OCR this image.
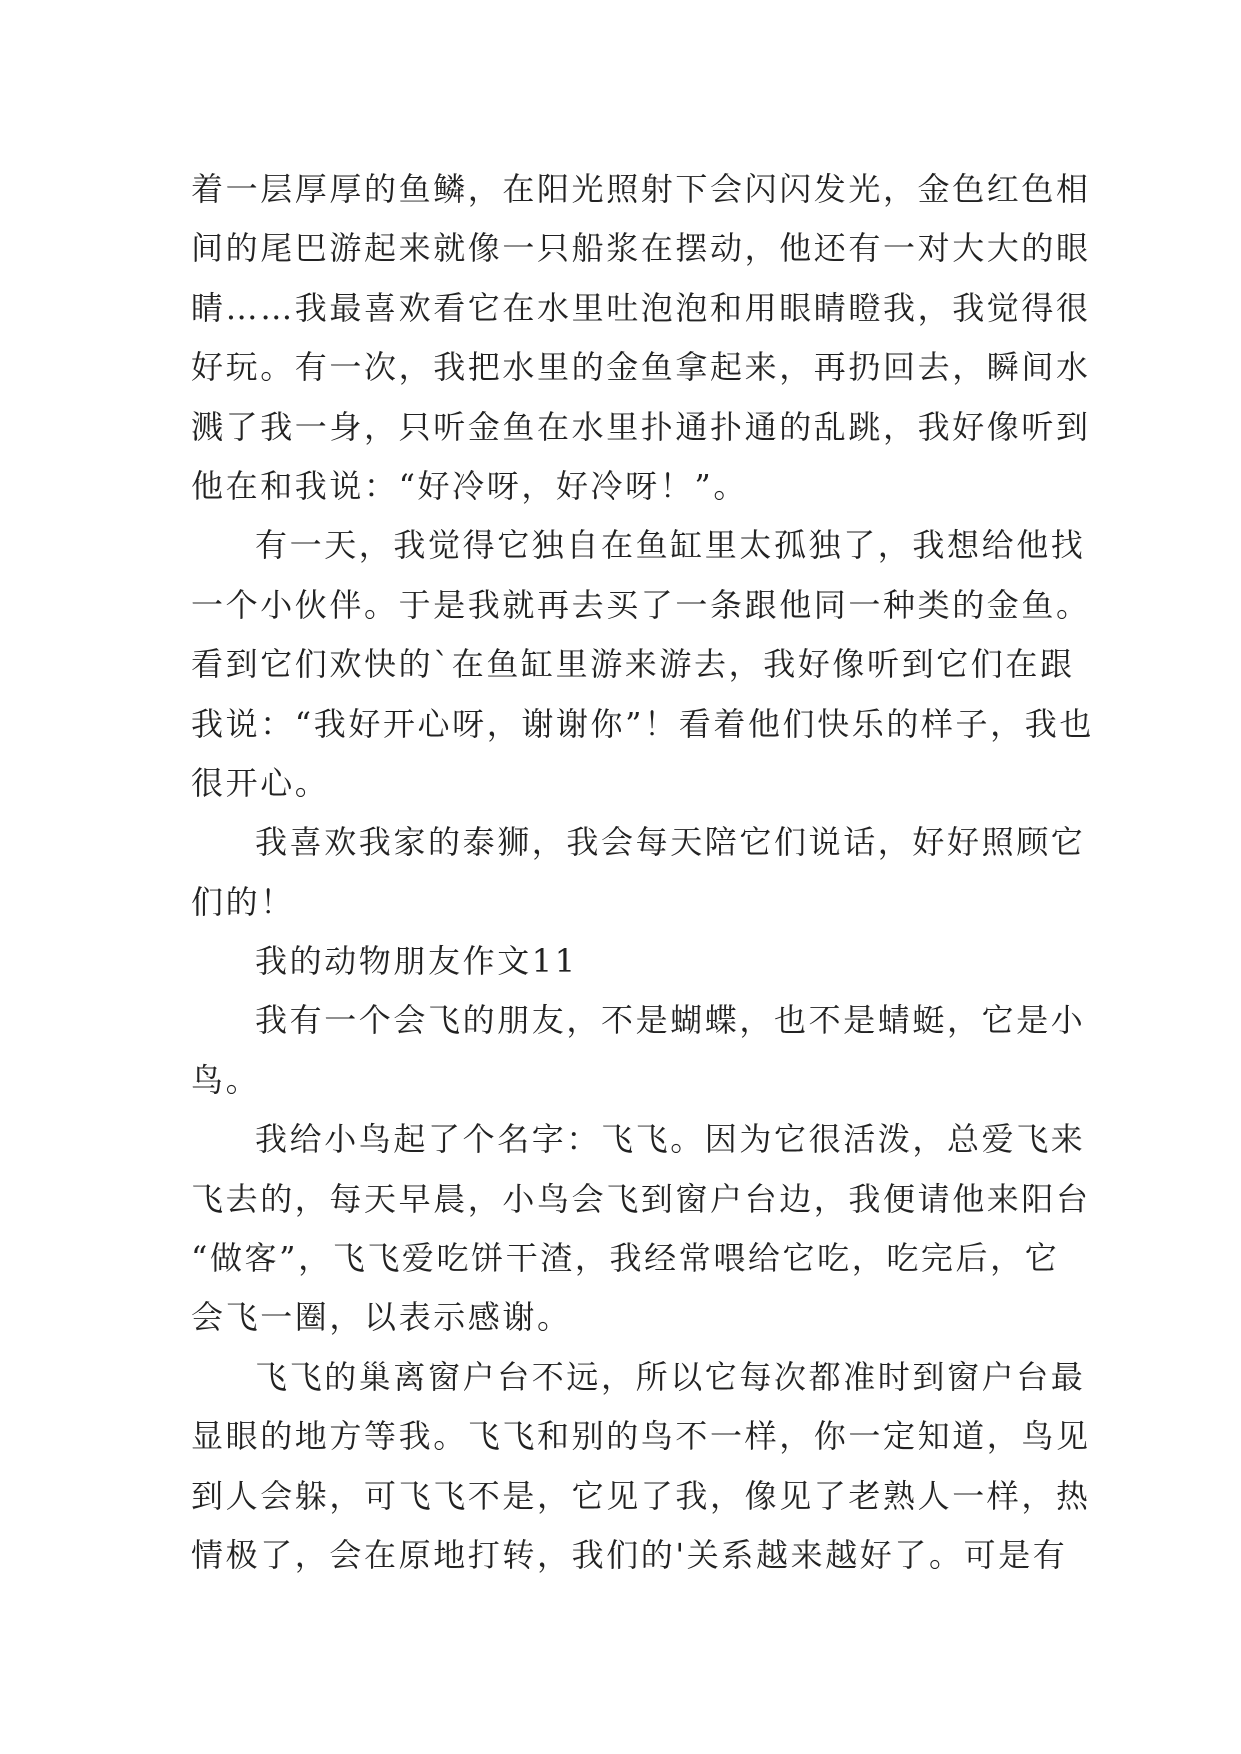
着一层厚厚的鱼鳞，在阳光照射下会闪闪发光，金色红色相
间的尾巴游起来就像一只船浆在摆动，他还有一对大大的眼
睛……我最喜欢看它在水里吐泡泡和用眼睛瞪我，我觉得很
好玩。有一次，我把水里的金鱼拿起来，再扔回去，瞬间水
溅了我一身，只听金鱼在水里扑通扑通的乱跳，我好像听到
他在和我说：“好冷呀，好冷呀！”。
有一天，我觉得它独自在鱼缸里太孤独了，我想给他找
一个小伙伴。于是我就再去买了一条跟他同一种类的金鱼。
看到它们欢快的`在鱼缸里游来游去，我好像听到它们在跟
我说：“我好开心呀，谢谢你”！看着他们快乐的样子，我也
很开心。
我喜欢我家的泰狮，我会每天陪它们说话，好好照顾它
们的！
我的动物朋友作文11
我有一个会飞的朋友，不是蝴蝶，也不是蜻蜓，它是小
鸟。
我给小鸟起了个名字：飞飞。因为它很活泼，总爱飞来
飞去的，每天早晨，小鸟会飞到窗户台边，我便请他来阳台
“做客”，飞飞爱吃饼干渣，我经常喂给它吃，吃完后，它
会飞一圈，以表示感谢。
飞飞的巢离窗户台不远，所以它每次都准时到窗户台最
显眼的地方等我。飞飞和别的鸟不一样，你一定知道，鸟见
到人会躲，可飞飞不是，它见了我，像见了老熟人一样，热
情极了，会在原地打转，我们的'关系越来越好了。可是有
